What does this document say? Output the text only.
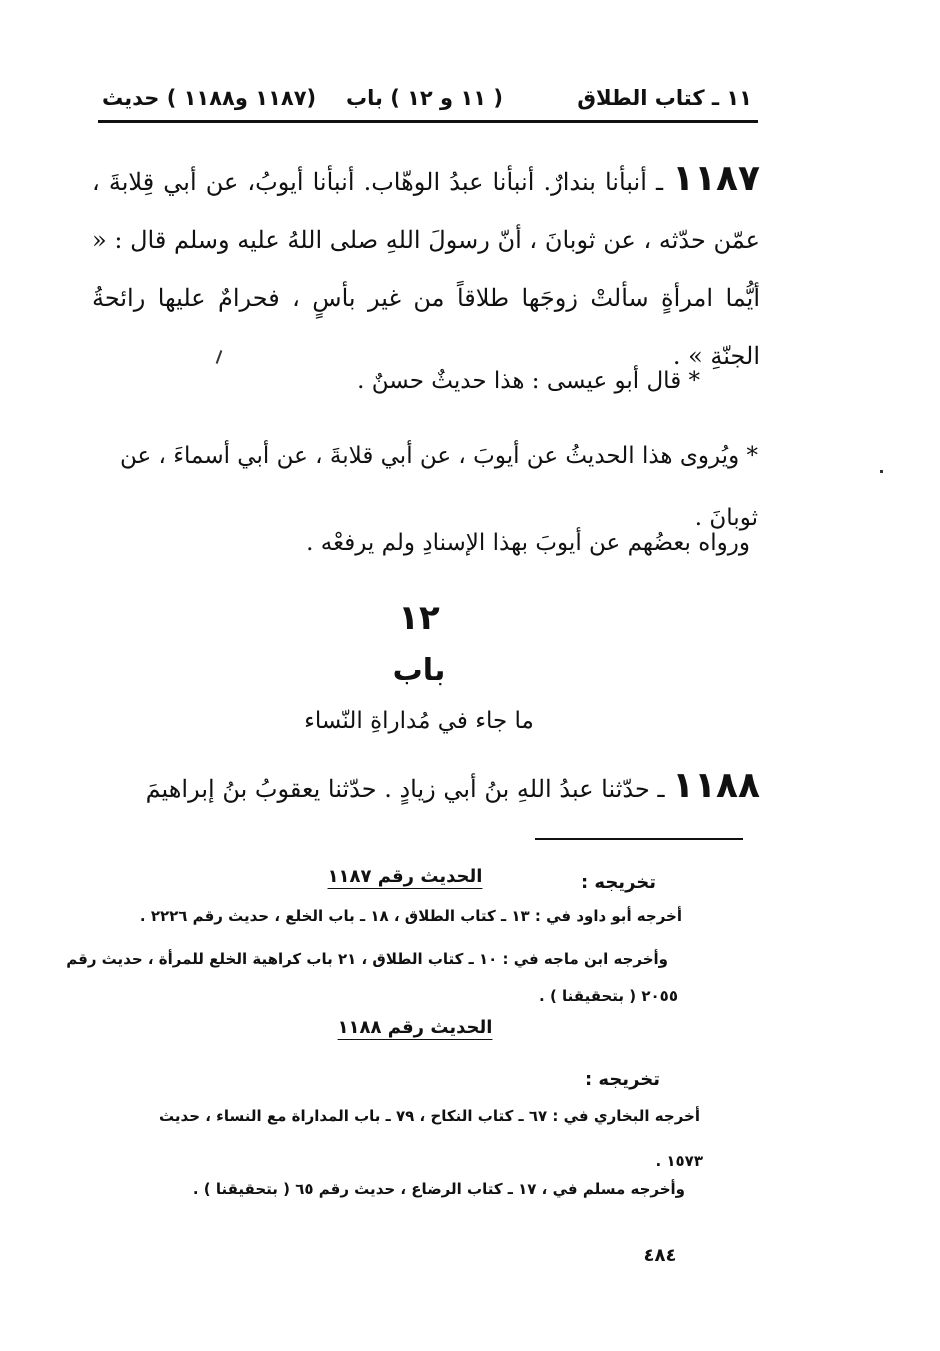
١١ ـ كتاب الطلاق
( ١١ و ١٢ ) باب
(١١٨٧ و١١٨٨ ) حديث
١١٨٧ ـ أنبأنا بندارٌ. أنبأنا عبدُ الوهّاب. أنبأنا أيوبُ، عن أبي قِلابةَ ، عمّن حدّثه ، عن ثوبانَ ، أنّ رسولَ اللهِ صلى اللهُ عليه وسلم قال : « أيُّما امرأةٍ سألتْ زوجَها طلاقاً من غير بأسٍ ، فحرامٌ عليها رائحةُ الجنّةِ » .
* قال أبو عيسى : هذا حديثٌ حسنٌ .
* ويُروى هذا الحديثُ عن أيوبَ ، عن أبي قلابةَ ، عن أبي أسماءَ ، عن ثوبانَ .
ورواه بعضُهم عن أيوبَ بهذا الإسنادِ ولم يرفعْه .
١٢
باب
ما جاء في مُداراةِ النّساء
١١٨٨ ـ حدّثنا عبدُ اللهِ بنُ أبي زيادٍ . حدّثنا يعقوبُ بنُ إبراهيمَ
الحديث رقم ١١٨٧	تخريجه :
أخرجه أبو داود في : ١٣ ـ كتاب الطلاق ، ١٨ ـ باب الخلع ، حديث رقم ٢٢٢٦ .
وأخرجه ابن ماجه في : ١٠ ـ كتاب الطلاق ، ٢١ باب كراهية الخلع للمرأة ، حديث رقم
٢٠٥٥ ( بتحقيقنا ) .
الحديث رقم ١١٨٨
تخريجه :
أخرجه البخاري في : ٦٧ ـ كتاب النكاح ، ٧٩ ـ باب المداراة مع النساء ، حديث
١٥٧٣ .
وأخرجه مسلم في ، ١٧ ـ كتاب الرضاع ، حديث رقم ٦٥ ( بتحقيقنا ) .
٤٨٤
